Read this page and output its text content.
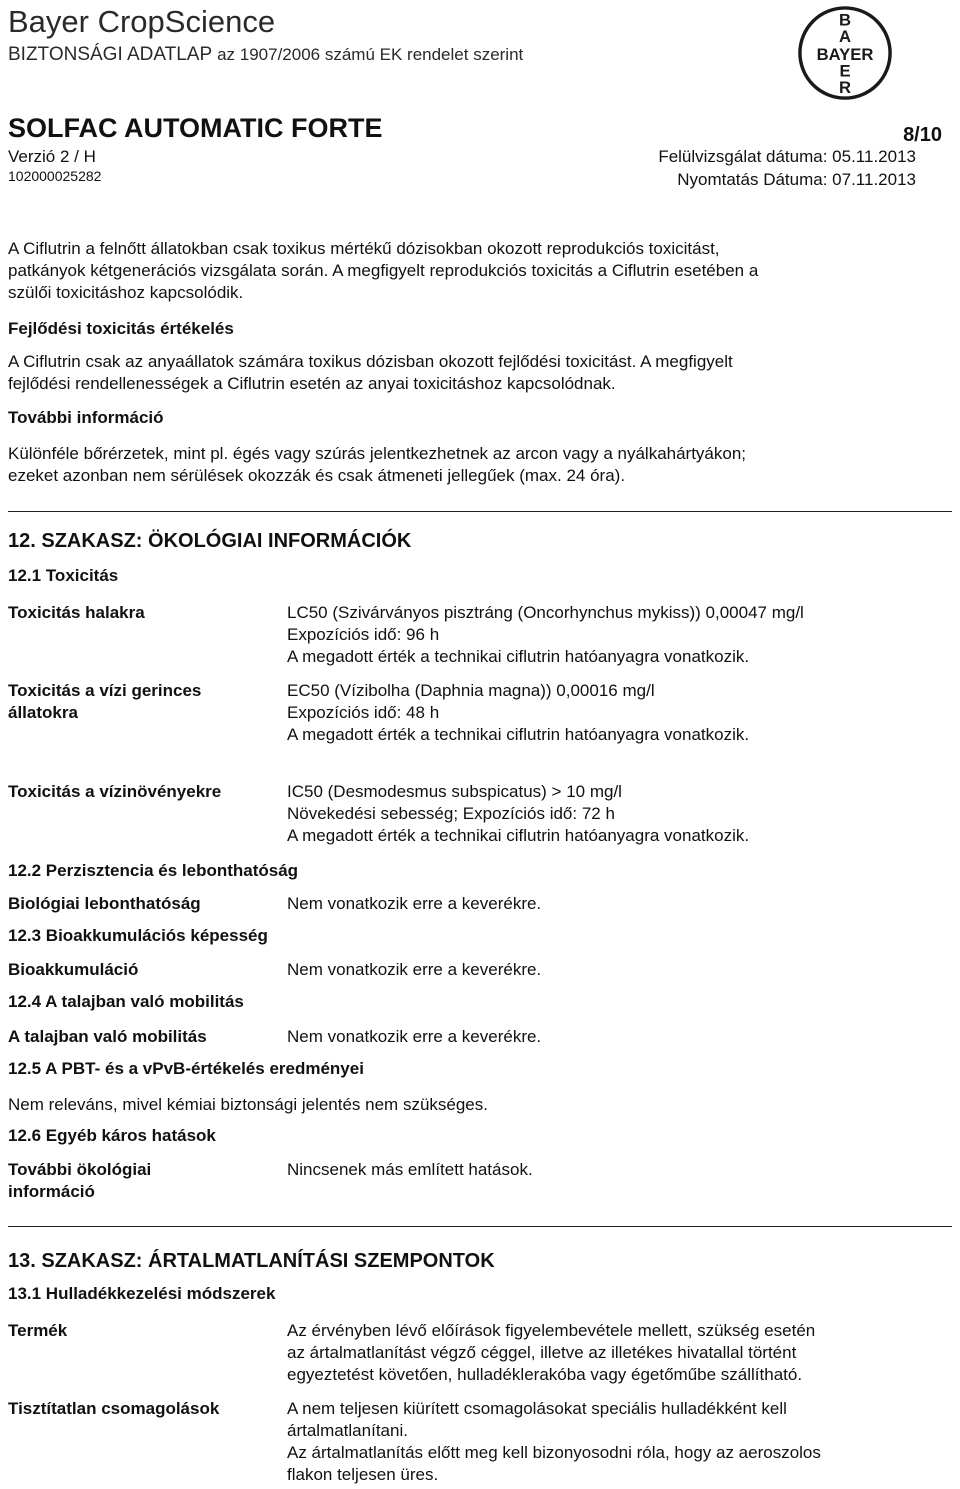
Bayer CropScience
BIZTONSÁGI ADATLAP az 1907/2006 számú EK rendelet szerint
B
A
BAYER
E
R
SOLFAC AUTOMATIC FORTE	8/10
Verzió 2 / H	Felülvizsgálat dátuma: 05.11.2013
102000025282	Nyomtatás Dátuma: 07.11.2013
A Ciflutrin a felnőtt állatokban csak toxikus mértékű dózisokban okozott reprodukciós toxicitást,
patkányok kétgenerációs vizsgálata során. A megfigyelt reprodukciós toxicitás a Ciflutrin esetében a
szülői toxicitáshoz kapcsolódik.
Fejlődési toxicitás értékelés
A Ciflutrin csak az anyaállatok számára toxikus dózisban okozott fejlődési toxicitást. A megfigyelt
fejlődési rendellenességek a Ciflutrin esetén az anyai toxicitáshoz kapcsolódnak.
További információ
Különféle bőrérzetek, mint pl. égés vagy szúrás jelentkezhetnek az arcon vagy a nyálkahártyákon;
ezeket azonban nem sérülések okozzák és csak átmeneti jellegűek (max. 24 óra).
12. SZAKASZ: ÖKOLÓGIAI INFORMÁCIÓK
12.1 Toxicitás
Toxicitás halakra	LC50 (Szivárványos pisztráng (Oncorhynchus mykiss)) 0,00047 mg/l
Expozíciós idő: 96 h
A megadott érték a technikai ciflutrin hatóanyagra vonatkozik.
Toxicitás a vízi gerinces
állatokra
EC50 (Vízibolha (Daphnia magna)) 0,00016 mg/l
Expozíciós idő: 48 h
A megadott érték a technikai ciflutrin hatóanyagra vonatkozik.
Toxicitás a vízinövényekre	IC50 (Desmodesmus subspicatus) > 10 mg/l
Növekedési sebesség; Expozíciós idő: 72 h
A megadott érték a technikai ciflutrin hatóanyagra vonatkozik.
12.2 Perzisztencia és lebonthatóság
Biológiai lebonthatóság	Nem vonatkozik erre a keverékre.
12.3 Bioakkumulációs képesség
Bioakkumuláció	Nem vonatkozik erre a keverékre.
12.4 A talajban való mobilitás
A talajban való mobilitás	Nem vonatkozik erre a keverékre.
12.5 A PBT- és a vPvB-értékelés eredményei
Nem releváns, mivel kémiai biztonsági jelentés nem szükséges.
12.6 Egyéb káros hatások
További ökológiai
információ
Nincsenek más említett hatások.
13. SZAKASZ: ÁRTALMATLANÍTÁSI SZEMPONTOK
13.1 Hulladékkezelési módszerek
Termék	Az érvényben lévő előírások figyelembevétele mellett, szükség esetén
az ártalmatlanítást végző céggel, illetve az illetékes hivatallal történt
egyeztetést követően, hulladéklerakóba vagy égetőműbe szállítható.
Tisztítatlan csomagolások	A nem teljesen kiürített csomagolásokat speciális hulladékként kell
ártalmatlanítani.
Az ártalmatlanítás előtt meg kell bizonyosodni róla, hogy az aeroszolos
flakon teljesen üres.
